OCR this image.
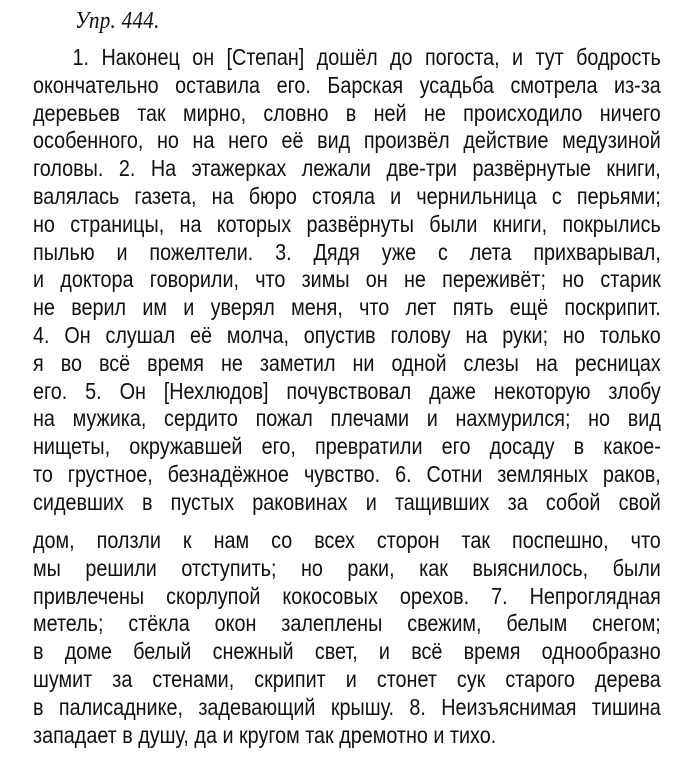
Упр. 444.
1. Наконец он [Степан] дошёл до погоста, и тут бодрость
окончательно оставила его. Барская усадьба смотрела из-за
деревьев так мирно, словно в ней не происходило ничего
особенного, но на него её вид произвёл действие медузиной
головы. 2. На этажерках лежали две-три развёрнутые книги,
валялась газета, на бюро стояла и чернильница с перьями;
но страницы, на которых развёрнуты были книги, покрылись
пылью и пожелтели. 3. Дядя уже с лета прихварывал,
и доктора говорили, что зимы он не переживёт; но старик
не верил им и уверял меня, что лет пять ещё поскрипит.
4. Он слушал её молча, опустив голову на руки; но только
я во всё время не заметил ни одной слезы на ресницах
его. 5. Он [Нехлюдов] почувствовал даже некоторую злобу
на мужика, сердито пожал плечами и нахмурился; но вид
нищеты, окружавшей его, превратили его досаду в какое-
то грустное, безнадёжное чувство. 6. Сотни земляных раков,
сидевших в пустых раковинах и тащивших за собой свой
дом, ползли к нам со всех сторон так поспешно, что
мы решили отступить; но раки, как выяснилось, были
привлечены скорлупой кокосовых орехов. 7. Непроглядная
метель; стёкла окон залеплены свежим, белым снегом;
в доме белый снежный свет, и всё время однообразно
шумит за стенами, скрипит и стонет сук старого дерева
в палисаднике, задевающий крышу. 8. Неизъяснимая тишина
западает в душу, да и кругом так дремотно и тихо.
